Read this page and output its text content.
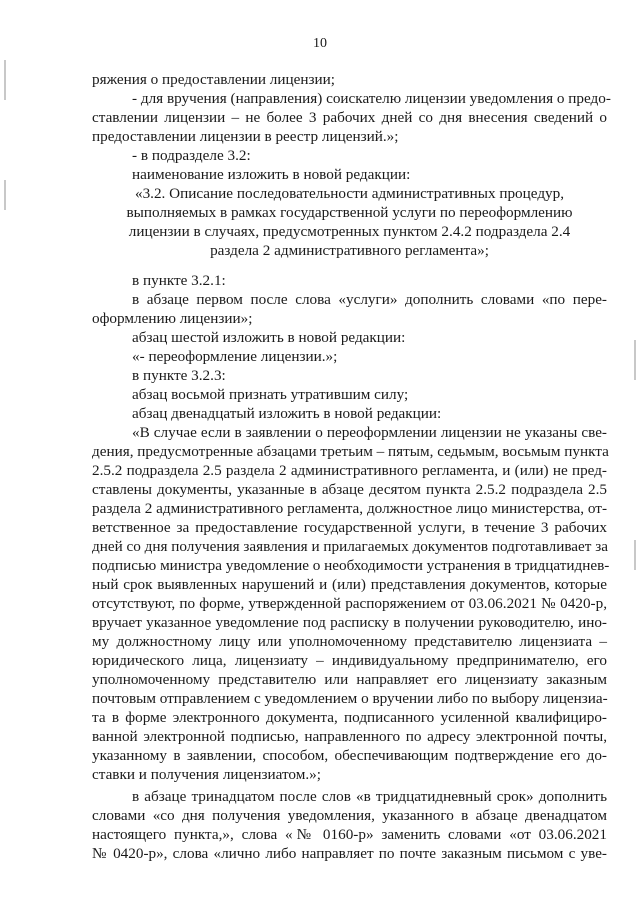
10
ряжения о предоставлении лицензии;
- для вручения (направления) соискателю лицензии уведомления о предо-
ставлении лицензии – не более 3 рабочих дней со дня внесения сведений о
предоставлении лицензии в реестр лицензий.»;
- в подразделе 3.2:
наименование изложить в новой редакции:
«3.2. Описание последовательности административных процедур,
выполняемых в рамках государственной услуги по переоформлению
лицензии в случаях, предусмотренных пунктом 2.4.2 подраздела 2.4
раздела 2 административного регламента»;
в пункте 3.2.1:
в абзаце первом после слова «услуги» дополнить словами «по пере-
оформлению лицензии»;
абзац шестой изложить в новой редакции:
«- переоформление лицензии.»;
в пункте 3.2.3:
абзац восьмой признать утратившим силу;
абзац двенадцатый изложить в новой редакции:
«В случае если в заявлении о переоформлении лицензии не указаны све-
дения, предусмотренные абзацами третьим – пятым, седьмым, восьмым пункта
2.5.2 подраздела 2.5 раздела 2 административного регламента, и (или) не пред-
ставлены документы, указанные в абзаце десятом пункта 2.5.2 подраздела 2.5
раздела 2 административного регламента, должностное лицо министерства, от-
ветственное за предоставление государственной услуги, в течение 3 рабочих
дней со дня получения заявления и прилагаемых документов подготавливает за
подписью министра уведомление о необходимости устранения в тридцатиднев-
ный срок выявленных нарушений и (или) представления документов, которые
отсутствуют, по форме, утвержденной распоряжением от 03.06.2021 № 0420-р,
вручает указанное уведомление под расписку в получении руководителю, ино-
му должностному лицу или уполномоченному представителю лицензиата –
юридического лица, лицензиату – индивидуальному предпринимателю, его
уполномоченному представителю или направляет его лицензиату заказным
почтовым отправлением с уведомлением о вручении либо по выбору лицензиа-
та в форме электронного документа, подписанного усиленной квалифициро-
ванной электронной подписью, направленного по адресу электронной почты,
указанному в заявлении, способом, обеспечивающим подтверждение его до-
ставки и получения лицензиатом.»;
в абзаце тринадцатом после слов «в тридцатидневный срок» дополнить
словами «со дня получения уведомления, указанного в абзаце двенадцатом
настоящего пункта,», слова «№ 0160-р» заменить словами «от 03.06.2021
№ 0420-р», слова «лично либо направляет по почте заказным письмом с уве-
